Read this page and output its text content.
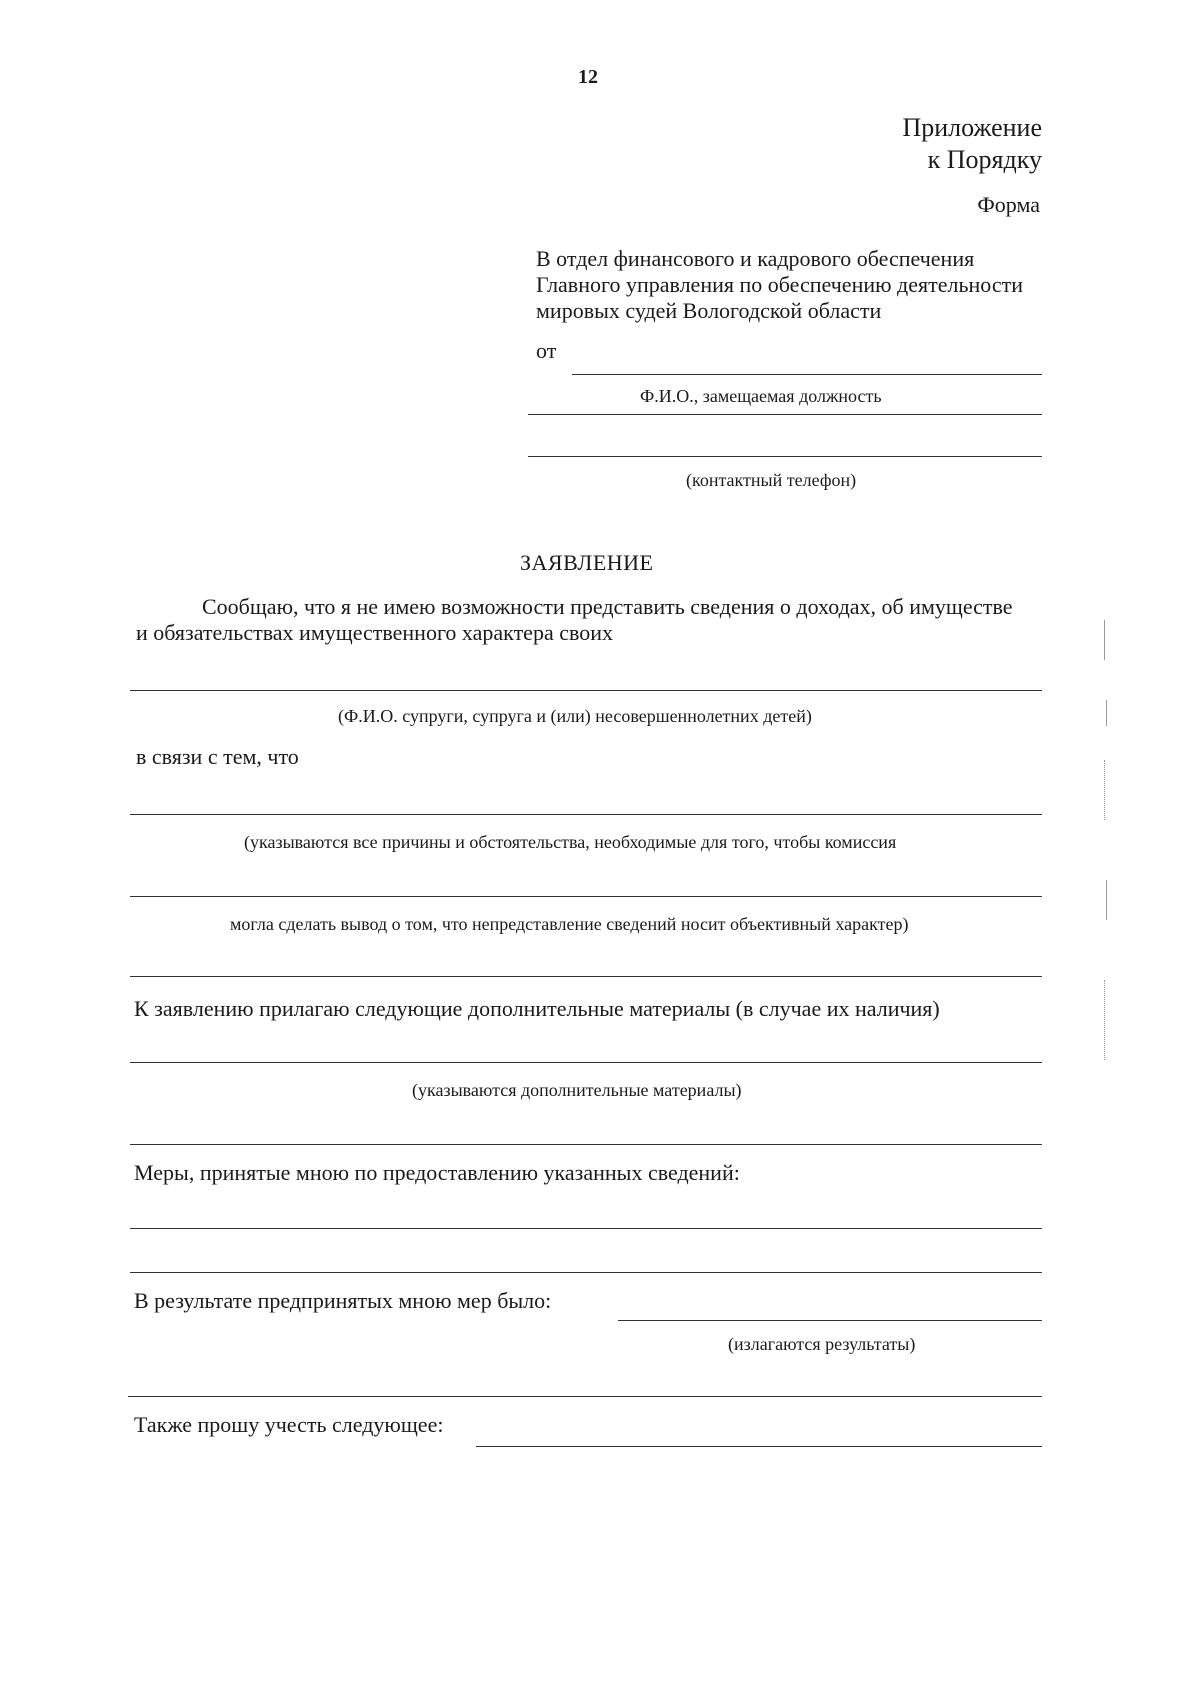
12
Приложение
к Порядку
Форма
В отдел финансового и кадрового обеспечения
Главного управления по обеспечению деятельности
мировых судей Вологодской области
от
Ф.И.О., замещаемая должность
(контактный телефон)
ЗАЯВЛЕНИЕ
Сообщаю, что я не имею возможности представить сведения о доходах, об имуществе
и обязательствах имущественного характера своих
(Ф.И.О. супруги, супруга и (или) несовершеннолетних детей)
в связи с тем, что
(указываются все причины и обстоятельства, необходимые для того, чтобы комиссия
могла сделать вывод о том, что непредставление сведений носит объективный характер)
К заявлению прилагаю следующие дополнительные материалы (в случае их наличия)
(указываются дополнительные материалы)
Меры, принятые мною по предоставлению указанных сведений:
В результате предпринятых мною мер было:
(излагаются результаты)
Также прошу учесть следующее:
